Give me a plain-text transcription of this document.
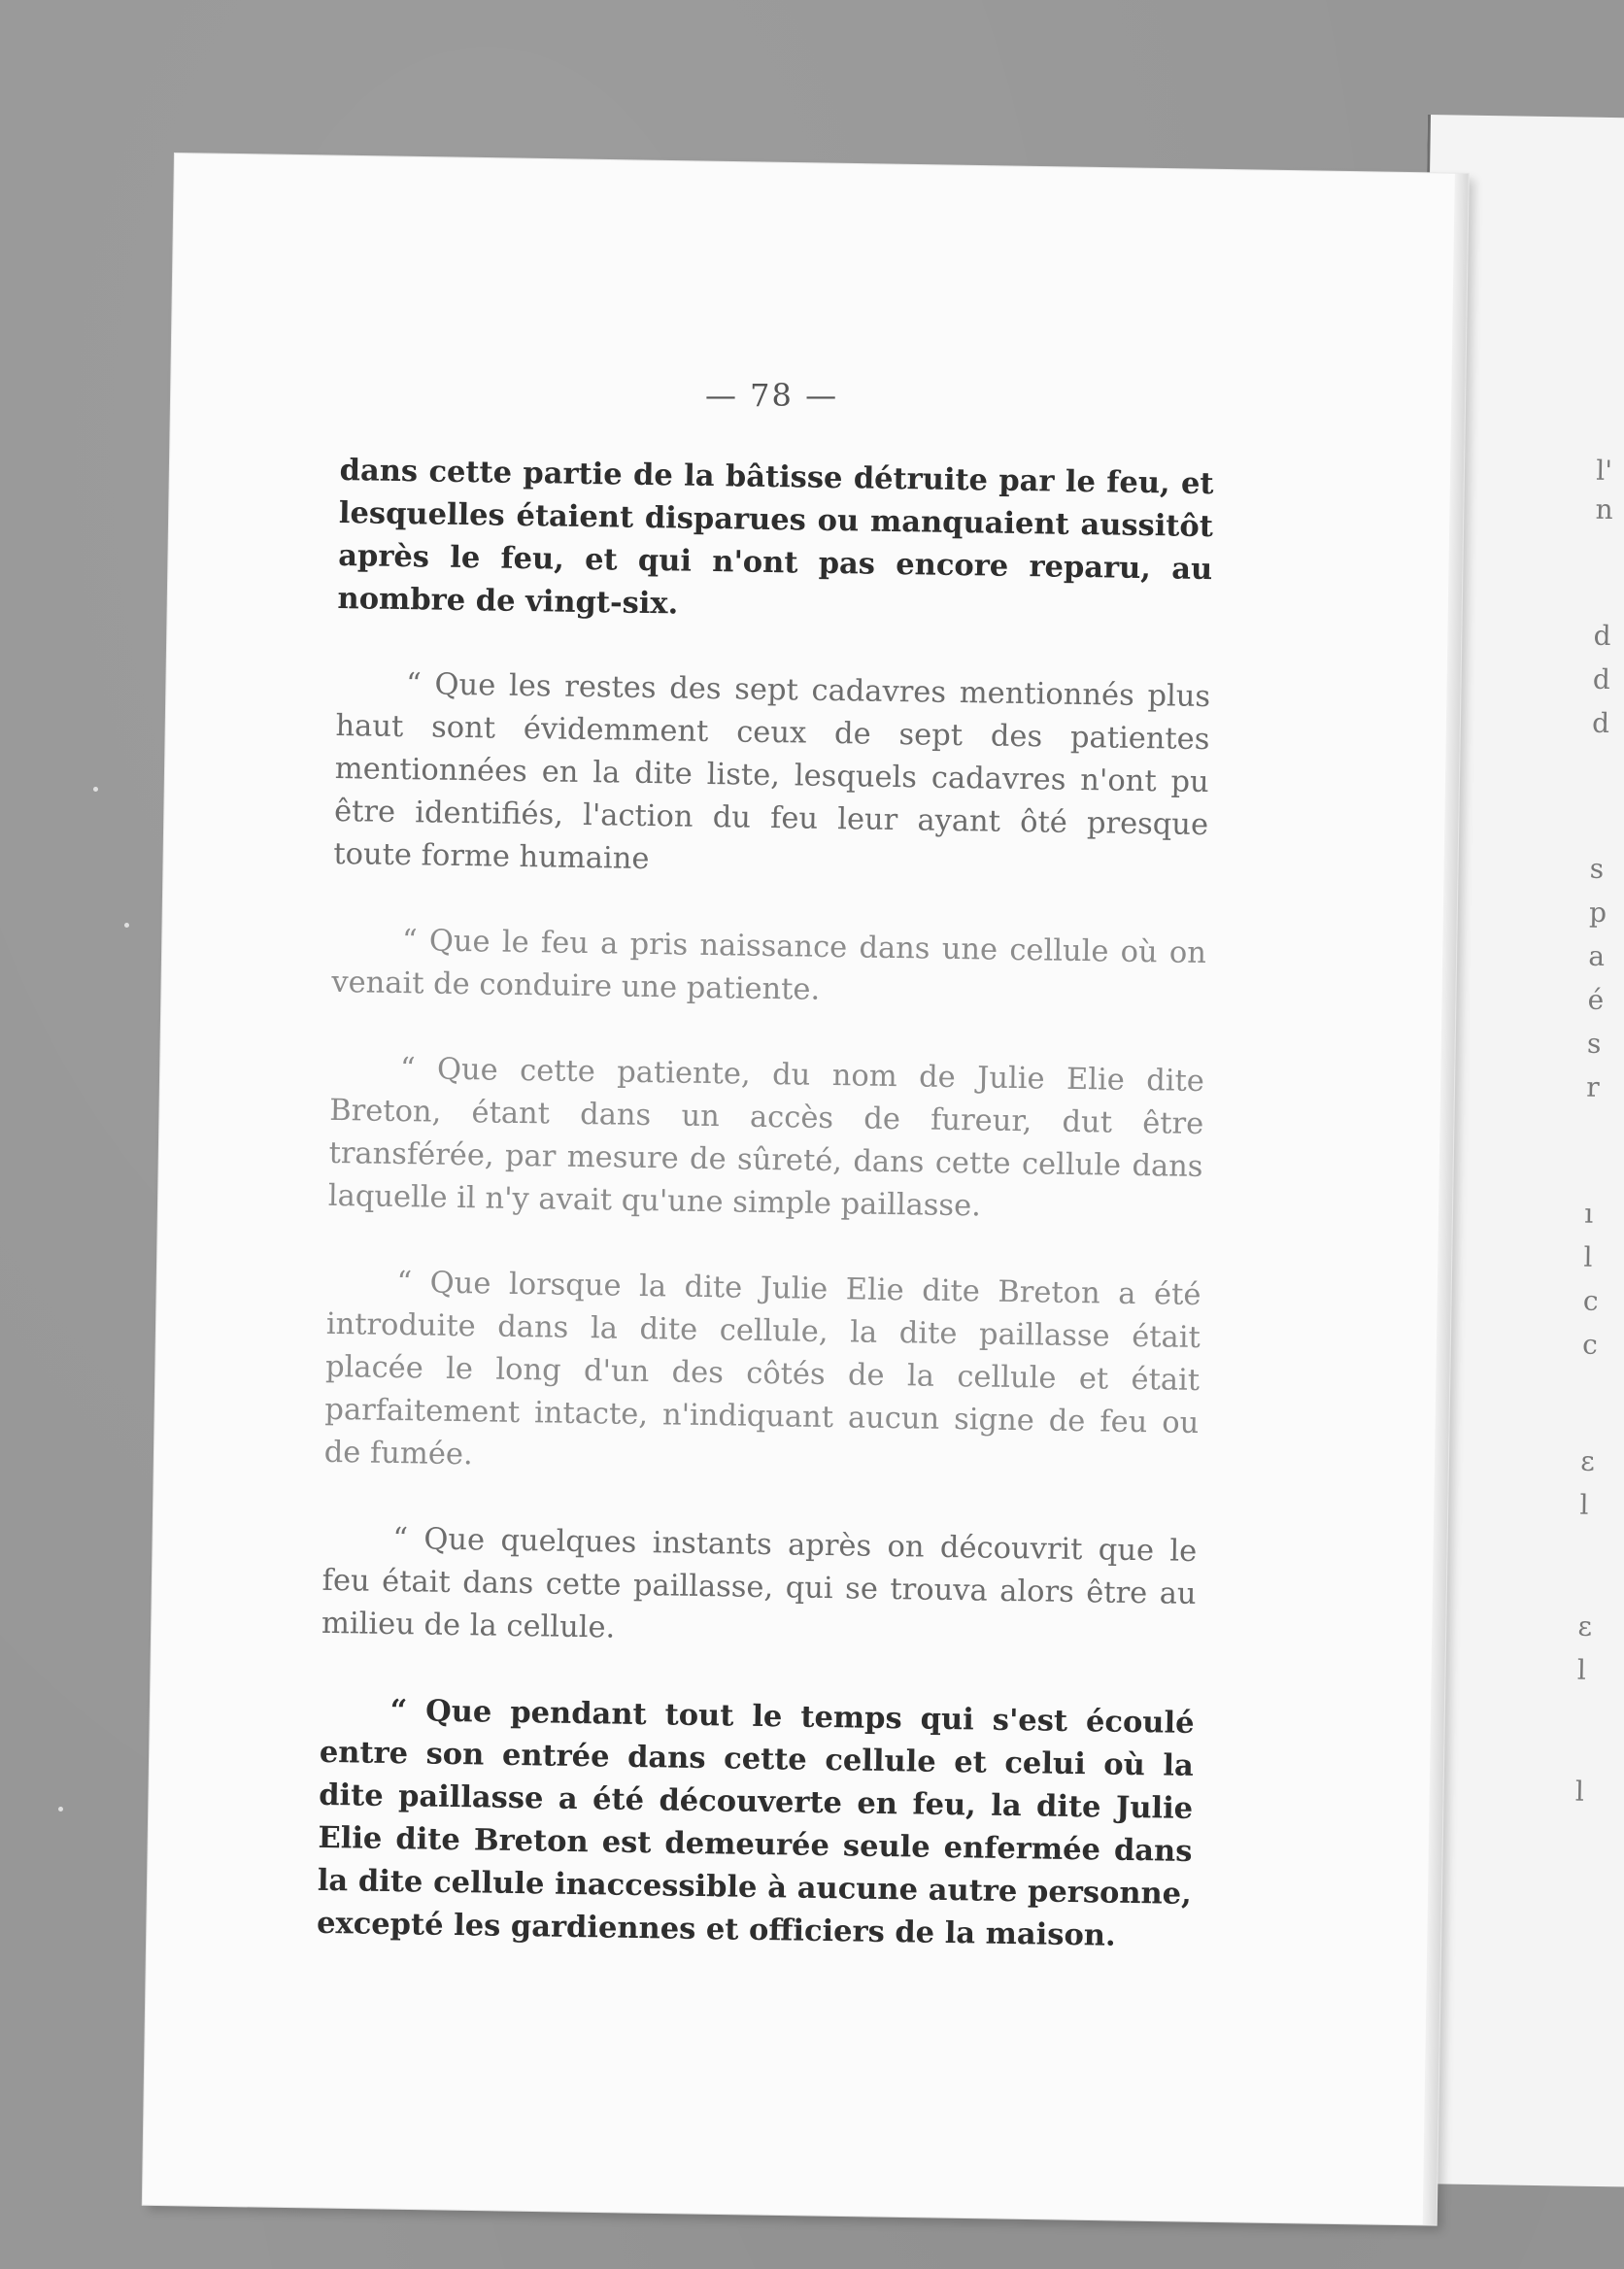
l'
n
d
d
d
s
p
a
é
s
r
ı
l
c
c
ε
l
ε
l
l
— 78 —

dans cette partie de la bâtisse détruite par le feu, et lesquelles étaient disparues ou manquaient aussitôt après le feu, et qui n'ont pas encore reparu, au nombre de vingt-six.

“ Que les restes des sept cadavres mentionnés plus haut sont évidemment ceux de sept des patientes mentionnées en la dite liste, lesquels cadavres n'ont pu être identifiés, l'action du feu leur ayant ôté presque toute forme humaine

“ Que le feu a pris naissance dans une cellule où on venait de conduire une patiente.

“ Que cette patiente, du nom de Julie Elie dite Breton, étant dans un accès de fureur, dut être transférée, par mesure de sûreté, dans cette cellule dans laquelle il n'y avait qu'une simple paillasse.

“ Que lorsque la dite Julie Elie dite Breton a été introduite dans la dite cellule, la dite paillasse était placée le long d'un des côtés de la cellule et était parfaitement intacte, n'indiquant aucun signe de feu ou de fumée.

“ Que quelques instants après on découvrit que le feu était dans cette paillasse, qui se trouva alors être au milieu de la cellule.

“ Que pendant tout le temps qui s'est écoulé entre son entrée dans cette cellule et celui où la dite paillasse a été découverte en feu, la dite Julie Elie dite Breton est demeurée seule enfermée dans la dite cellule inaccessible à aucune autre personne, excepté les gardiennes et officiers de la maison.
